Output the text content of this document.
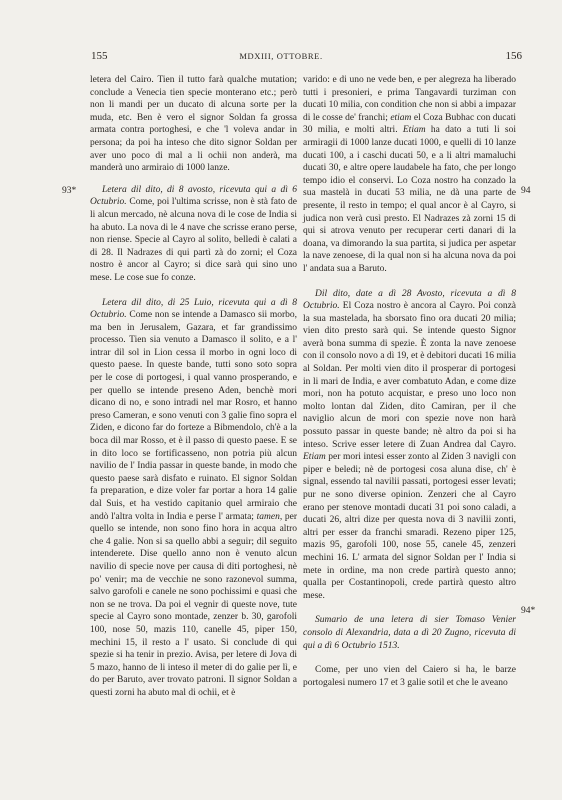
155	MDXIII, OTTOBRE.	156
93*	94
94*

letera del Cairo. Tien il tutto farà qualche mutation; conclude a Venecia tien specie monterano etc.; però non li mandi per un ducato di alcuna sorte per la muda, etc. Ben è vero el signor Soldan fa grossa armata contra portoghesi, e che 'l voleva andar in persona; da poi ha inteso che dito signor Soldan per aver uno poco di mal a li ochii non anderà, ma manderà uno armiraio di 1000 lanze.

Letera dil dito, di 8 avosto, ricevuta qui a dì 6 Octubrio. Come, poi l'ultima scrisse, non è stà fato de li alcun mercado, nè alcuna nova di le cose de India si ha abuto. La nova di le 4 nave che scrisse erano perse, non riense. Specie al Cayro al solito, belledi è calati a di 28. Il Nadrazes di qui partì zà do zorni; el Coza nostro è ancor al Cayro; si dice sarà qui sino uno mese. Le cose sue fo conze.

Letera dil dito, di 25 Luio, ricevuta qui a dì 8 Octubrio. Come non se intende a Damasco sii morbo, ma ben in Jerusalem, Gazara, et far grandissimo processo. Tien sia venuto a Damasco il solito, e a l' intrar dil sol in Lion cessa il morbo in ogni loco di questo paese. In queste bande, tutti sono soto sopra per le cose di portogesi, i qual vanno prosperando, e per quello se intende preseno Aden, benchè mori dicano di no, e sono intradi nel mar Rosro, et hanno preso Cameran, e sono venuti con 3 galie fino sopra el Ziden, e dicono far do forteze a Bibmendolo, ch'è a la boca dil mar Rosso, et è il passo di questo paese. E se in dito loco se fortificasseno, non potria più alcun navilio de l' India passar in queste bande, in modo che questo paese sarà disfato e ruinato. El signor Soldan fa preparation, e dize voler far portar a hora 14 galie dal Suis, et ha vestido capitanio quel armiraio che andò l'altra volta in India e perse l' armata; tamen, per quello se intende, non sono fino hora in acqua altro che 4 galie. Non si sa quello abbi a seguir; dil seguito intenderete. Dise quello anno non è venuto alcun navilio di specie nove per causa di diti portoghesi, nè po' venir; ma de vecchie ne sono razonevol summa, salvo garofoli e canele ne sono pochissimi e quasi che non se ne trova. Da poi el vegnir di queste nove, tute specie al Cayro sono montade, zenzer b. 30, garofoli 100, nose 50, mazis 110, canelle 45, piper 150, mechini 15, il resto a l' usato. Si conclude di qui spezie si ha tenir in prezio. Avisa, per letere di Jova di 5 mazo, hanno de li inteso il meter di do galie per lì, e do per Baruto, aver trovato patroni. Il signor Soldan a questi zorni ha abuto mal di ochii, et è

varido: e di uno ne vede ben, e per alegreza ha liberado tutti i presonieri, e prima Tangavardi turziman con ducati 10 milia, con condition che non si abbi a impazar di le cosse de' franchi; etiam el Coza Bubhac con ducati 30 milia, e molti altri. Etiam ha dato a tuti li soi armiragii di 1000 lanze ducati 1000, e quelli di 10 lanze ducati 100, a i caschi ducati 50, e a li altri mamaluchi ducati 30, e altre opere laudabele ha fato, che per longo tempo idio el conservi. Lo Coza nostro ha conzado la sua mastelà in ducati 53 milia, ne dà una parte de presente, il resto in tempo; el qual ancor è al Cayro, si judica non verà cusì presto. El Nadrazes zà zorni 15 di qui si atrova venuto per recuperar certi danari di la doana, va dimorando la sua partita, si judica per aspetar la nave zenoese, di la qual non si ha alcuna nova da poi l' andata sua a Baruto.

Dil dito, date a dì 28 Avosto, ricevuta a dì 8 Octubrio. El Coza nostro è ancora al Cayro. Poi conzà la sua mastelada, ha sborsato fino ora ducati 20 milia; vien dito presto sarà qui. Se intende questo Signor averà bona summa di spezie. È zonta la nave zenoese con il consolo novo a dì 19, et è debitori ducati 16 milia al Soldan. Per molti vien dito il prosperar di portogesi in li mari de India, e aver combatuto Adan, e come dize mori, non ha potuto acquistar, e preso uno loco non molto lontan dal Ziden, dito Camiran, per il che naviglio alcun de mori con spezie nove non harà possuto passar in queste bande; nè altro da poi si ha inteso. Scrive esser letere di Zuan Andrea dal Cayro. Etiam per mori intesi esser zonto al Ziden 3 navigli con piper e beledi; nè de portogesi cosa aluna dise, ch' è signal, essendo tal navilii passati, portogesi esser levati; pur ne sono diverse opinion. Zenzeri che al Cayro erano per stenove montadi ducati 31 poi sono caladi, a ducati 26, altri dize per questa nova di 3 navilii zonti, altri per esser da franchi smaradi. Rezeno piper 125, mazis 95, garofoli 100, nose 55, canele 45, zenzeri mechini 16. L' armata del signor Soldan per l' India si mete in ordine, ma non crede partirà questo anno; qualla per Costantinopoli, crede partirà questo altro mese.

Sumario de una letera di sier Tomaso Venier consolo di Alexandria, data a dì 20 Zugno, ricevuta di qui a dì 6 Octubrio 1513.

Come, per uno vien del Caiero si ha, le barze portogalesi numero 17 et 3 galie sotil et che le aveano
